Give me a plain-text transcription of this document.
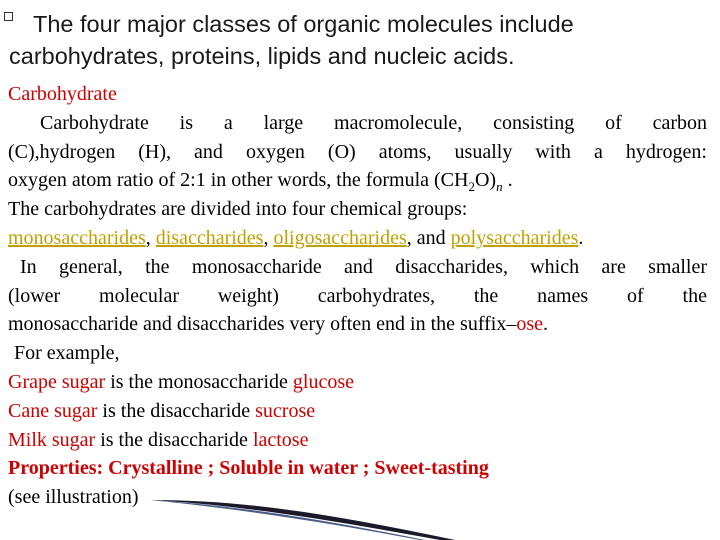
The four major classes of organic molecules include
carbohydrates, proteins, lipids and nucleic acids.
Carbohydrate
Carbohydrate is a large macromolecule, consisting of carbon
(C),hydrogen (H), and oxygen (O) atoms, usually with a hydrogen:
oxygen atom ratio of 2:1 in other words, the formula $(CH_2O)_n$ .
The carbohydrates are divided into four chemical groups:
monosaccharides, disaccharides, oligosaccharides, and polysaccharides.
In general, the monosaccharide and disaccharides, which are smaller
(lower molecular weight) carbohydrates, the names of the
monosaccharide and disaccharides very often end in the suffix–ose.
For example,
Grape sugar is the monosaccharide glucose
Cane sugar is the disaccharide sucrose
Milk sugar is the disaccharide lactose
Properties: Crystalline ; Soluble in water ; Sweet-tasting
(see illustration)
